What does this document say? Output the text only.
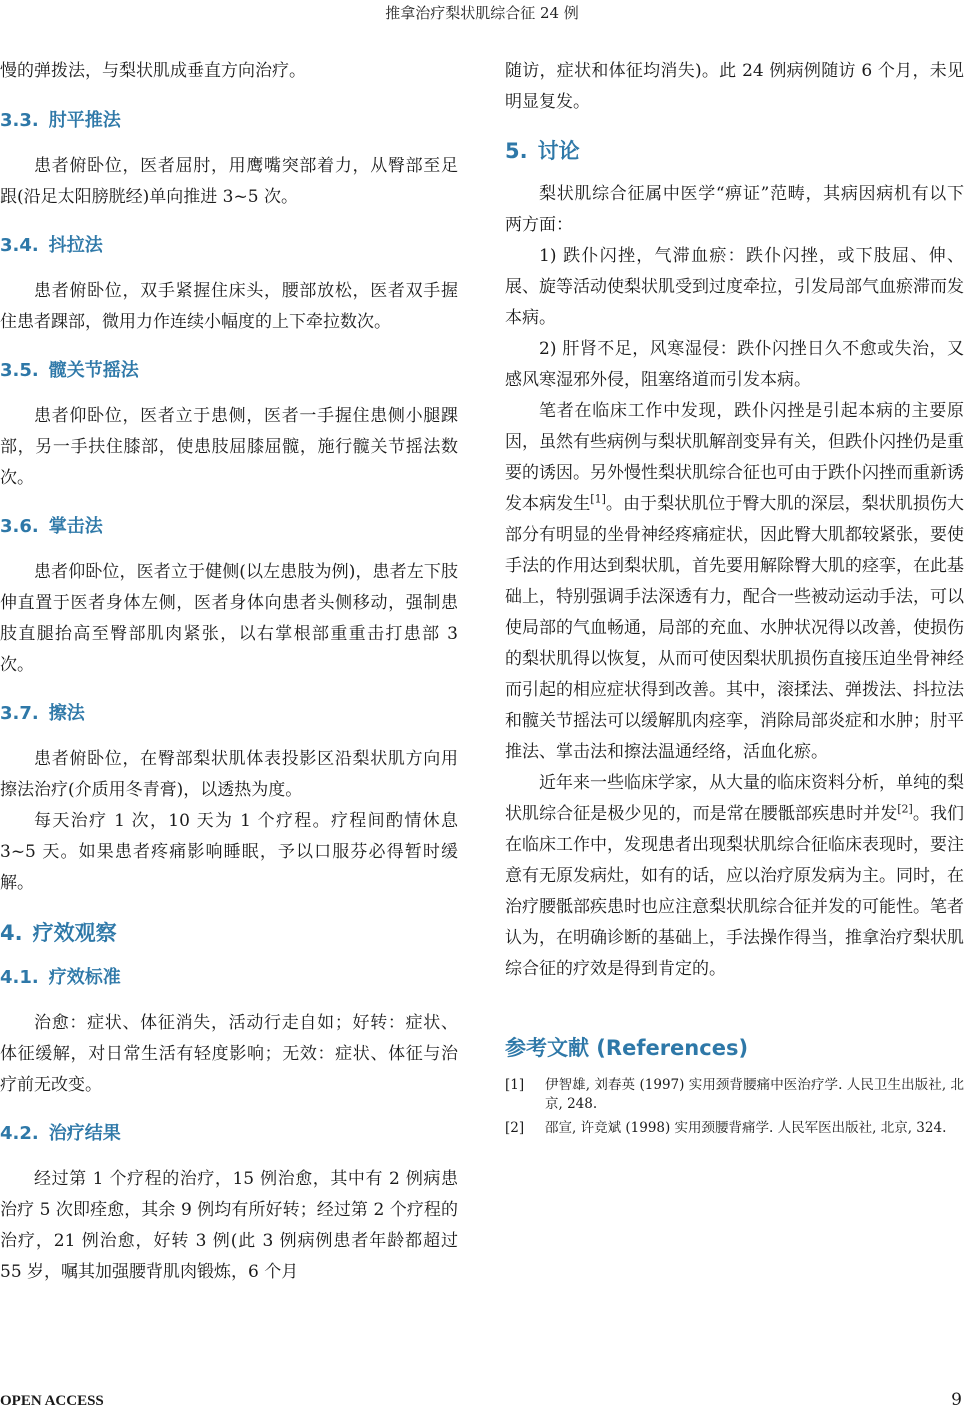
推拿治疗梨状肌综合征 24 例

慢的弹拨法，与梨状肌成垂直方向治疗。

3.3. 肘平推法

患者俯卧位，医者屈肘，用鹰嘴突部着力，从臀部至足跟(沿足太阳膀胱经)单向推进 3~5 次。

3.4. 抖拉法

患者俯卧位，双手紧握住床头，腰部放松，医者双手握住患者踝部，微用力作连续小幅度的上下牵拉数次。

3.5. 髋关节摇法

患者仰卧位，医者立于患侧，医者一手握住患侧小腿踝部，另一手扶住膝部，使患肢屈膝屈髋，施行髋关节摇法数次。

3.6. 掌击法

患者仰卧位，医者立于健侧(以左患肢为例)，患者左下肢伸直置于医者身体左侧，医者身体向患者头侧移动，强制患肢直腿抬高至臀部肌肉紧张，以右掌根部重重击打患部 3 次。

3.7. 擦法

患者俯卧位，在臀部梨状肌体表投影区沿梨状肌方向用擦法治疗(介质用冬青膏)，以透热为度。

每天治疗 1 次，10 天为 1 个疗程。疗程间酌情休息 3~5 天。如果患者疼痛影响睡眠，予以口服芬必得暂时缓解。

4. 疗效观察
4.1. 疗效标准

治愈：症状、体征消失，活动行走自如；好转：症状、体征缓解，对日常生活有轻度影响；无效：症状、体征与治疗前无改变。

4.2. 治疗结果

经过第 1 个疗程的治疗，15 例治愈，其中有 2 例病患治疗 5 次即痊愈，其余 9 例均有所好转；经过第 2 个疗程的治疗，21 例治愈，好转 3 例(此 3 例病例患者年龄都超过 55 岁，嘱其加强腰背肌肉锻炼，6 个月

随访，症状和体征均消失)。此 24 例病例随访 6 个月，未见明显复发。

5. 讨论

梨状肌综合征属中医学“痹证”范畴，其病因病机有以下两方面：

1) 跌仆闪挫，气滞血瘀：跌仆闪挫，或下肢屈、伸、展、旋等活动使梨状肌受到过度牵拉，引发局部气血瘀滞而发本病。

2) 肝肾不足，风寒湿侵：跌仆闪挫日久不愈或失治，又感风寒湿邪外侵，阻塞络道而引发本病。

笔者在临床工作中发现，跌仆闪挫是引起本病的主要原因，虽然有些病例与梨状肌解剖变异有关，但跌仆闪挫仍是重要的诱因。另外慢性梨状肌综合征也可由于跌仆闪挫而重新诱发本病发生[1]。由于梨状肌位于臀大肌的深层，梨状肌损伤大部分有明显的坐骨神经疼痛症状，因此臀大肌都较紧张，要使手法的作用达到梨状肌，首先要用解除臀大肌的痉挛，在此基础上，特别强调手法深透有力，配合一些被动运动手法，可以使局部的气血畅通，局部的充血、水肿状况得以改善，使损伤的梨状肌得以恢复，从而可使因梨状肌损伤直接压迫坐骨神经而引起的相应症状得到改善。其中，滚揉法、弹拨法、抖拉法和髋关节摇法可以缓解肌肉痉挛，消除局部炎症和水肿；肘平推法、掌击法和擦法温通经络，活血化瘀。

近年来一些临床学家，从大量的临床资料分析，单纯的梨状肌综合征是极少见的，而是常在腰骶部疾患时并发[2]。我们在临床工作中，发现患者出现梨状肌综合征临床表现时，要注意有无原发病灶，如有的话，应以治疗原发病为主。同时，在治疗腰骶部疾患时也应注意梨状肌综合征并发的可能性。笔者认为，在明确诊断的基础上，手法操作得当，推拿治疗梨状肌综合征的疗效是得到肯定的。

参考文献 (References)
[1]	伊智雄, 刘春英 (1997) 实用颈背腰痛中医治疗学. 人民卫生出版社, 北京, 248.
[2]	邵宣, 许竞斌 (1998) 实用颈腰背痛学. 人民军医出版社, 北京, 324.
OPEN ACCESS	9
